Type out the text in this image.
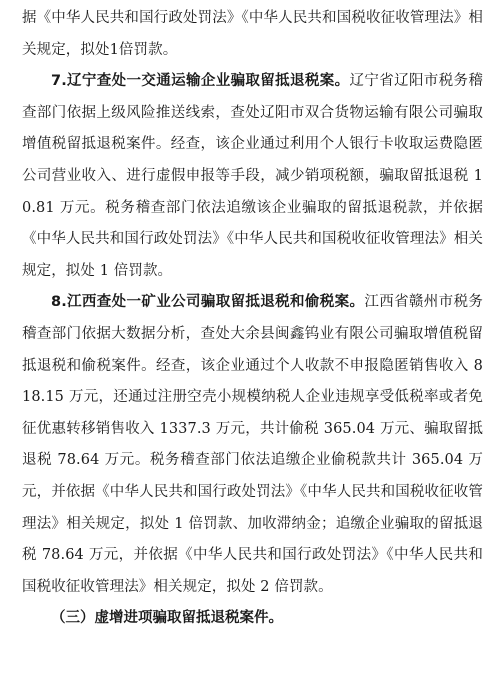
据《中华人民共和国行政处罚法》《中华人民共和国税收征收管理法》相关规定，拟处1倍罚款。

7.辽宁查处一交通运输企业骗取留抵退税案。辽宁省辽阳市税务稽查部门依据上级风险推送线索，查处辽阳市双合货物运输有限公司骗取增值税留抵退税案件。经查，该企业通过利用个人银行卡收取运费隐匿公司营业收入、进行虚假申报等手段，减少销项税额，骗取留抵退税 10.81 万元。税务稽查部门依法追缴该企业骗取的留抵退税款，并依据《中华人民共和国行政处罚法》《中华人民共和国税收征收管理法》相关规定，拟处 1 倍罚款。

8.江西查处一矿业公司骗取留抵退税和偷税案。江西省赣州市税务稽查部门依据大数据分析，查处大余县闽鑫钨业有限公司骗取增值税留抵退税和偷税案件。经查，该企业通过个人收款不申报隐匿销售收入 818.15 万元，还通过注册空壳小规模纳税人企业违规享受低税率或者免征优惠转移销售收入 1337.3 万元，共计偷税 365.04 万元、骗取留抵退税 78.64 万元。税务稽查部门依法追缴企业偷税款共计 365.04 万元，并依据《中华人民共和国行政处罚法》《中华人民共和国税收征收管理法》相关规定，拟处 1 倍罚款、加收滞纳金；追缴企业骗取的留抵退税 78.64 万元，并依据《中华人民共和国行政处罚法》《中华人民共和国税收征收管理法》相关规定，拟处 2 倍罚款。

（三）虚增进项骗取留抵退税案件。
